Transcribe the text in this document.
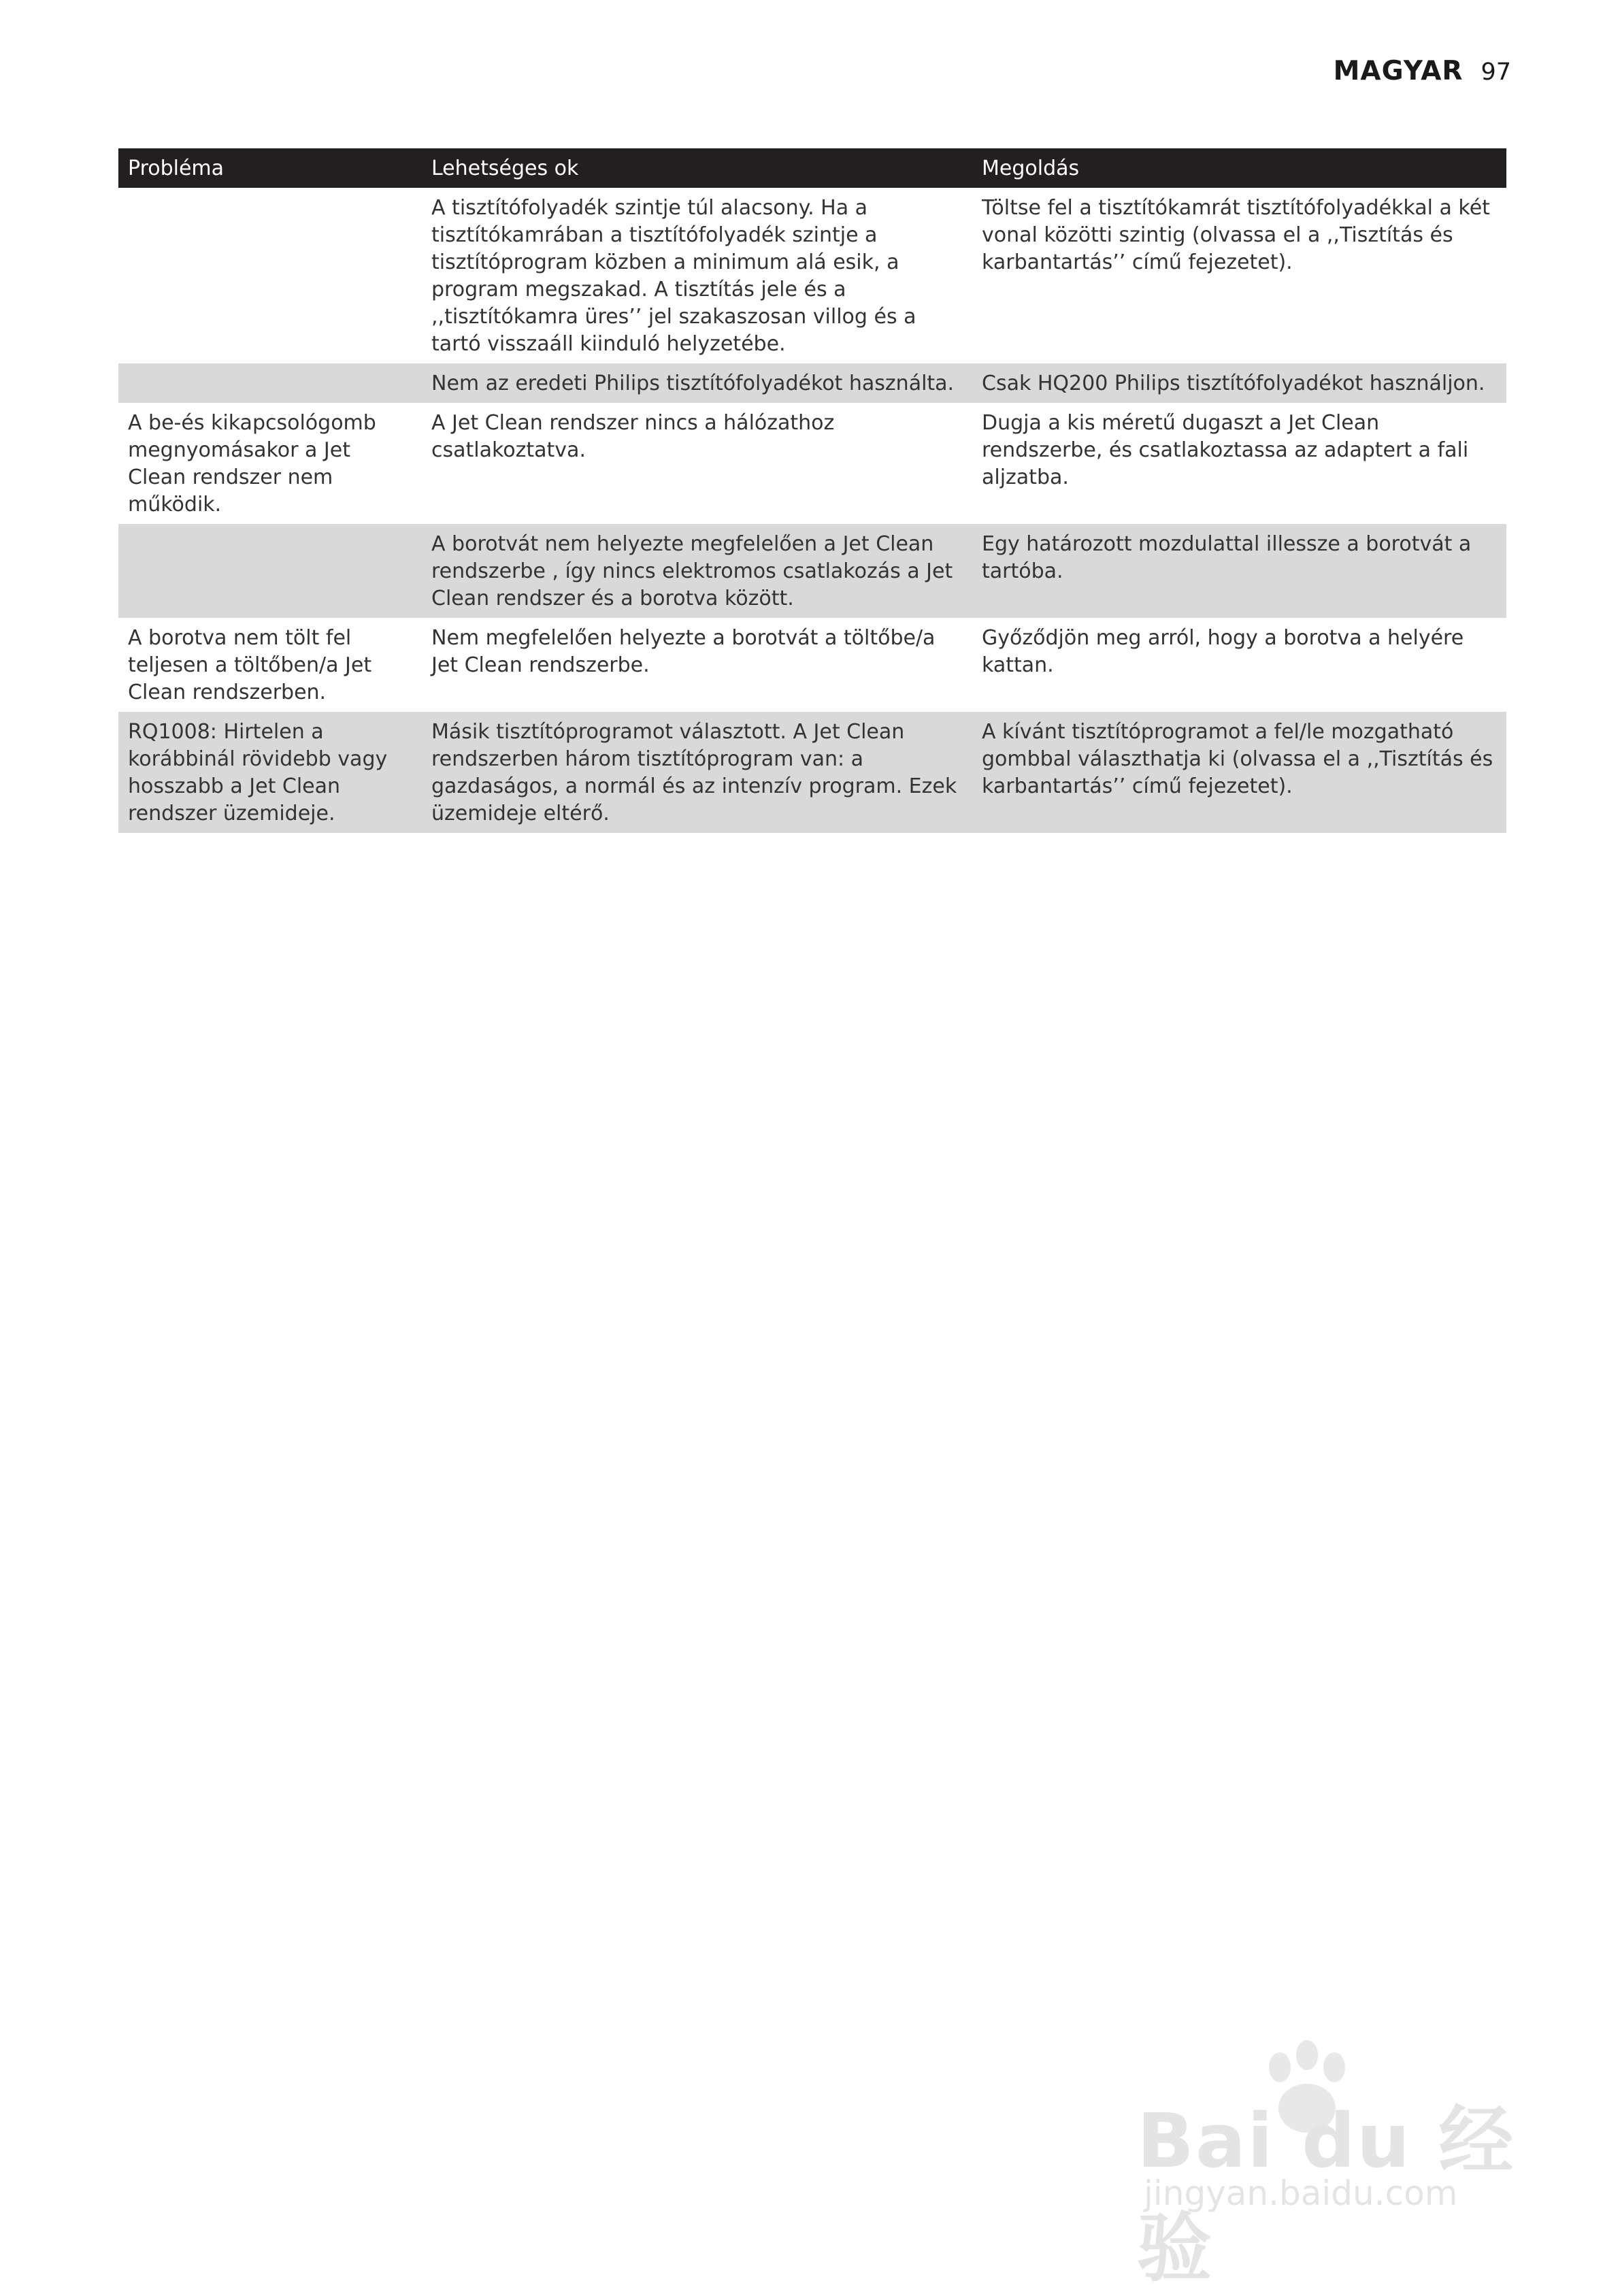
MAGYAR 97
Probléma	Lehetséges ok	Megoldás
	A tisztítófolyadék szintje túl alacsony. Ha a tisztítókamrában a tisztítófolyadék szintje a tisztítóprogram közben a minimum alá esik, a program megszakad. A tisztítás jele és a ,,tisztítókamra üres’’ jel szakaszosan villog és a tartó visszaáll kiinduló helyzetébe.	Töltse fel a tisztítókamrát tisztítófolyadékkal a két vonal közötti szintig (olvassa el a ,,Tisztítás és karbantartás’’ című fejezetet).
	Nem az eredeti Philips tisztítófolyadékot használta.	Csak HQ200 Philips tisztítófolyadékot használjon.
A be-és kikapcsológomb megnyomásakor a Jet Clean rendszer nem működik.	A Jet Clean rendszer nincs a hálózathoz csatlakoztatva.	Dugja a kis méretű dugaszt a Jet Clean rendszerbe, és csatlakoztassa az adaptert a fali aljzatba.
	A borotvát nem helyezte megfelelően a Jet Clean rendszerbe , így nincs elektromos csatlakozás a Jet Clean rendszer és a borotva között.	Egy határozott mozdulattal illessze a borotvát a tartóba.
A borotva nem tölt fel teljesen a töltőben/a Jet Clean rendszerben.	Nem megfelelően helyezte a borotvát a töltőbe/a Jet Clean rendszerbe.	Győződjön meg arról, hogy a borotva a helyére kattan.
RQ1008: Hirtelen a korábbinál rövidebb vagy hosszabb a Jet Clean rendszer üzemideje.	Másik tisztítóprogramot választott. A Jet Clean rendszerben három tisztítóprogram van: a gazdaságos, a normál és az intenzív program. Ezek üzemideje eltérő.	A kívánt tisztítóprogramot a fel/le mozgatható gombbal választhatja ki (olvassa el a ,,Tisztítás és karbantartás’’ című fejezetet).
Bai du 经验
jingyan.baidu.com
